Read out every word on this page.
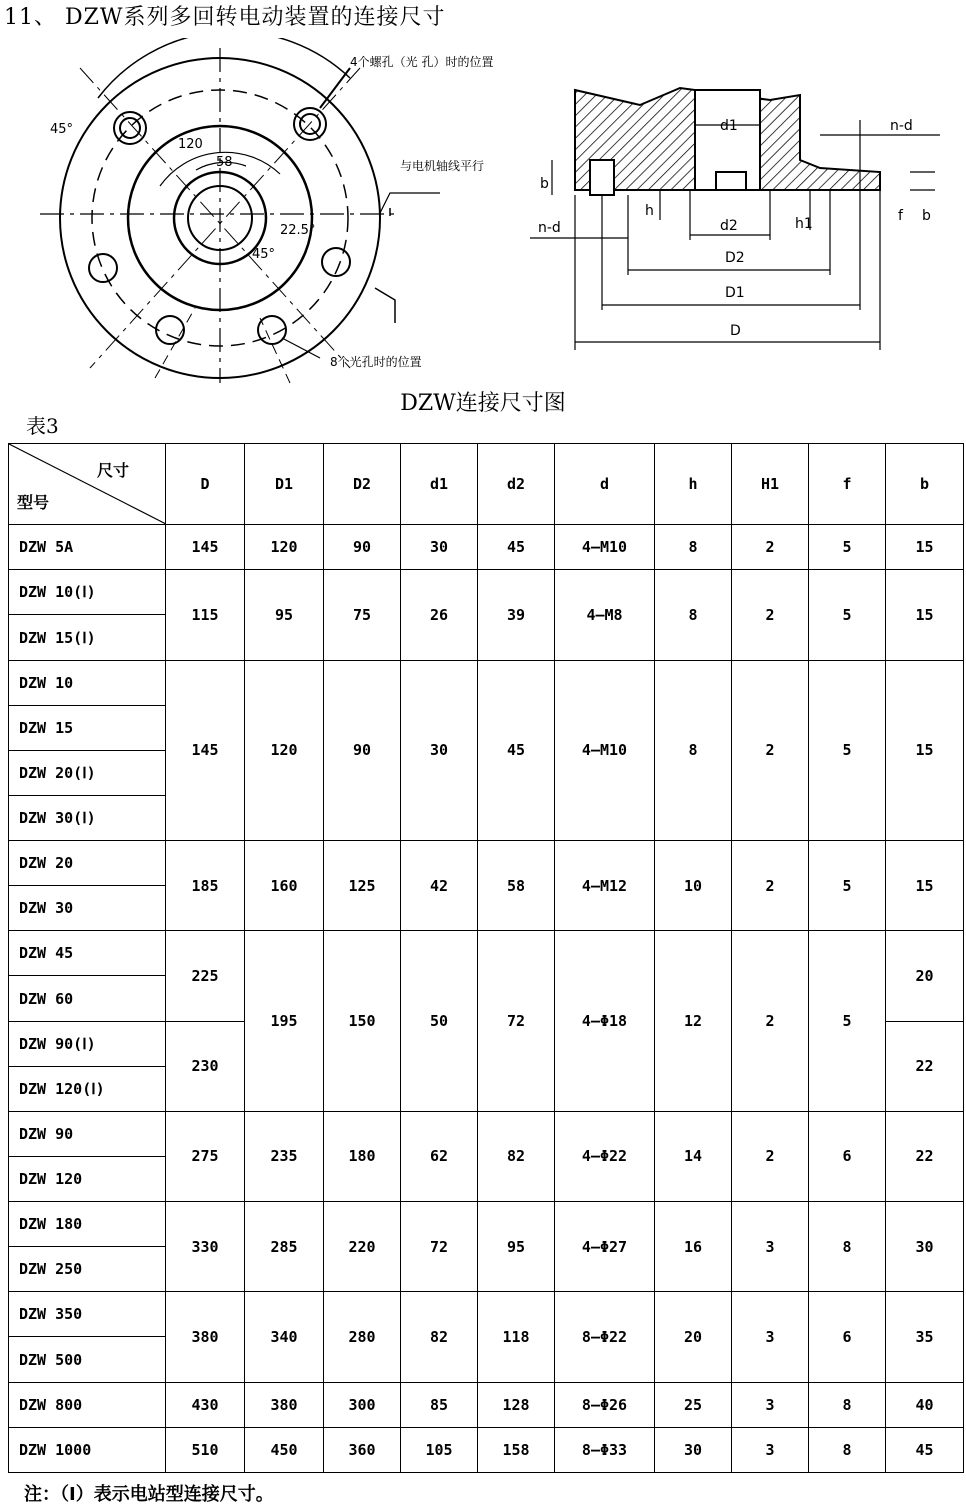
11、 DZW系列多回转电动装置的连接尺寸
45°
120
58
22.5°
45°
4个螺孔（光 孔）时的位置
与电机轴线平行
8个光孔时的位置
d1	n-d
b
h
n-d	d2	h1	f b
D2
D1
D
DZW连接尺寸图
表3
尺寸
型号	D	D1	D2	d1	d2	d	h	H1	f	b
DZW 5A	145	120	90	30	45	4—M10	8	2	5	15
DZW 10(Ⅰ)	115	95	75	26	39	4—M8	8	2	5	15
DZW 15(Ⅰ)										
DZW 10	145	120	90	30	45	4—M10	8	2	5	15
DZW 15										
DZW 20(Ⅰ)										
DZW 30(Ⅰ)										
DZW 20	185	160	125	42	58	4—M12	10	2	5	15
DZW 30										
DZW 45	225	195	150	50	72	4—Φ18	12	2	5	20
DZW 60										
DZW 90(Ⅰ)	230									22
DZW 120(Ⅰ)										
DZW 90	275	235	180	62	82	4—Φ22	14	2	6	22
DZW 120										
DZW 180	330	285	220	72	95	4—Φ27	16	3	8	30
DZW 250										
DZW 350	380	340	280	82	118	8—Φ22	20	3	6	35
DZW 500										
DZW 800	430	380	300	85	128	8—Φ26	25	3	8	40
DZW 1000	510	450	360	105	158	8—Φ33	30	3	8	45
注：（I）表示电站型连接尺寸。
